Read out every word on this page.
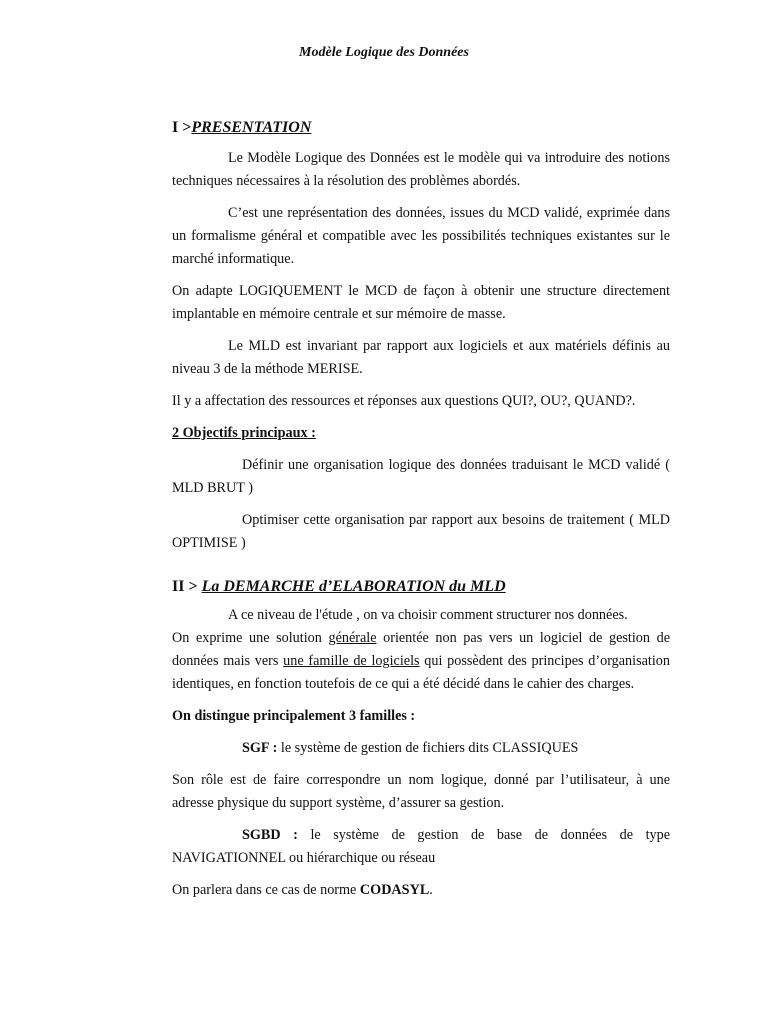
Modèle Logique des Données
I >PRESENTATION

Le Modèle Logique des Données est le modèle qui va introduire des notions techniques nécessaires à la résolution des problèmes abordés.

C’est une représentation des données, issues du MCD validé, exprimée dans un formalisme général et compatible avec les possibilités techniques existantes sur le marché informatique.

On adapte LOGIQUEMENT le MCD de façon à obtenir une structure directement implantable en mémoire centrale et sur mémoire de masse.

Le MLD est invariant par rapport aux logiciels et aux matériels définis au niveau 3 de la méthode MERISE.

Il y a affectation des ressources et réponses aux questions QUI?, OU?, QUAND?.

2 Objectifs principaux :

Définir une organisation logique des données traduisant le MCD validé ( MLD BRUT )

Optimiser cette organisation par rapport aux besoins de traitement ( MLD OPTIMISE )

II > La DEMARCHE d’ELABORATION du MLD

A ce niveau de l'étude , on va choisir comment structurer nos données.

On exprime une solution générale orientée non pas vers un logiciel de gestion de données mais vers une famille de logiciels qui possèdent des principes d’organisation identiques, en fonction toutefois de ce qui a été décidé dans le cahier des charges.

On distingue principalement 3 familles :

SGF : le système de gestion de fichiers dits CLASSIQUES

Son rôle est de faire correspondre un nom logique, donné par l’utilisateur, à une adresse physique du support système, d’assurer sa gestion.

SGBD : le système de gestion de base de données de type NAVIGATIONNEL ou hiérarchique ou réseau

On parlera dans ce cas de norme CODASYL.
